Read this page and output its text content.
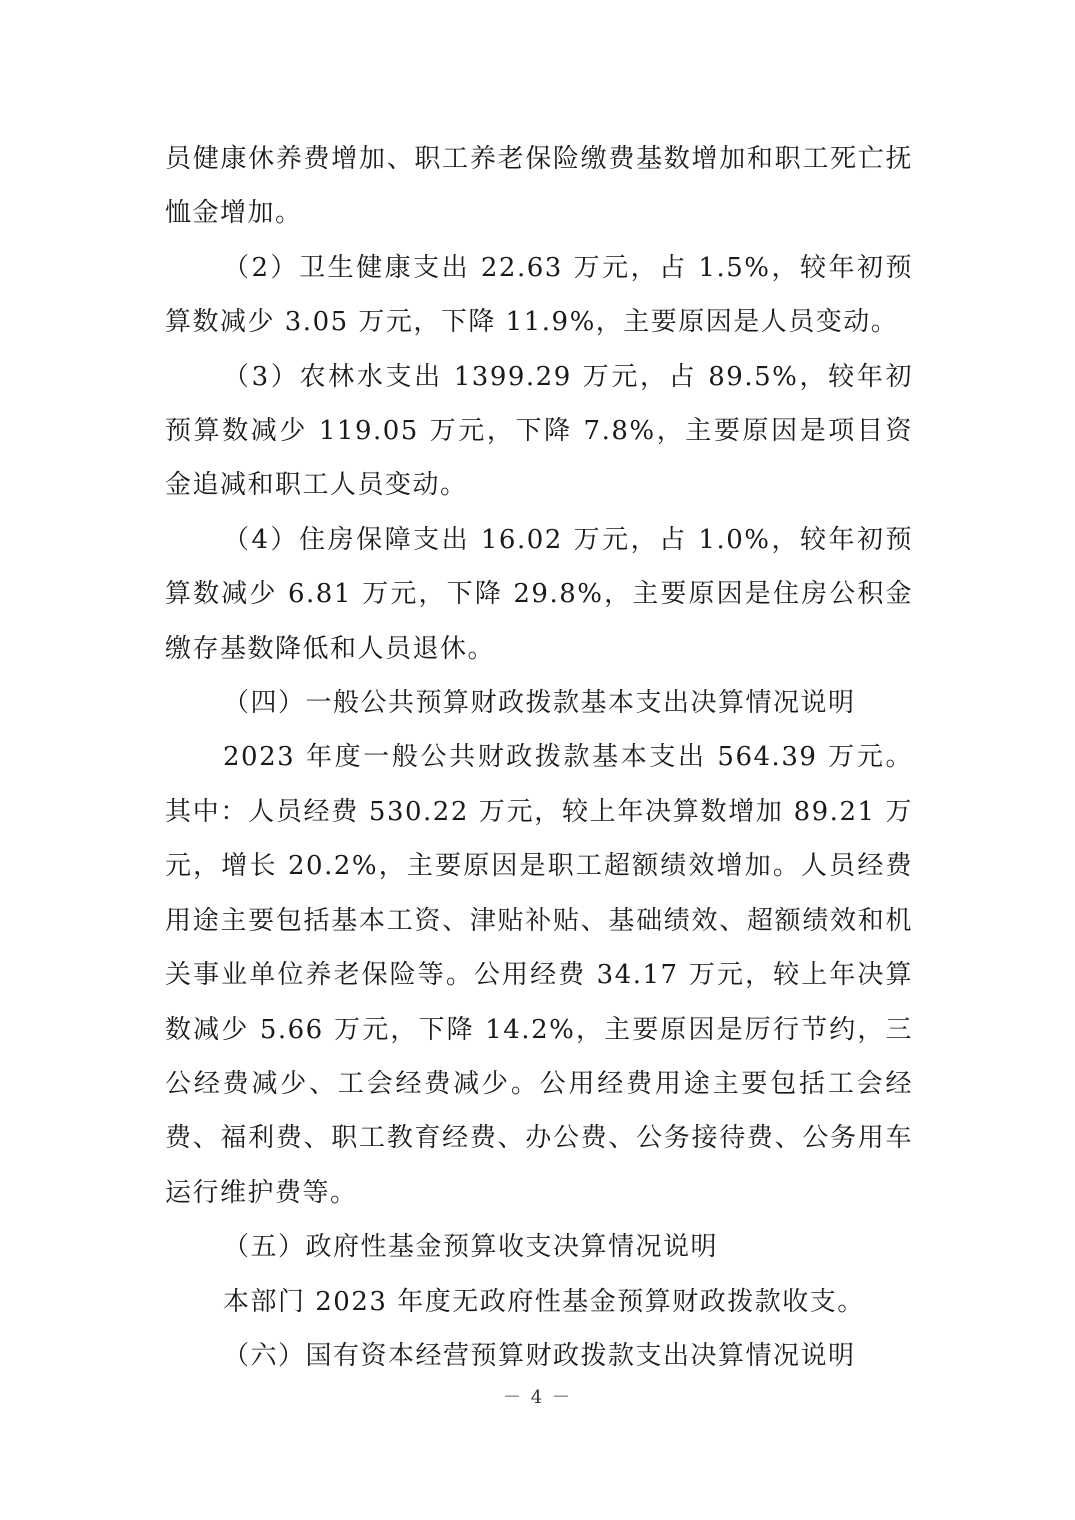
员健康休养费增加、职工养老保险缴费基数增加和职工死亡抚恤金增加。

（2）卫生健康支出 22.63 万元，占 1.5%，较年初预算数减少 3.05 万元，下降 11.9%，主要原因是人员变动。

（3）农林水支出 1399.29 万元，占 89.5%，较年初预算数减少 119.05 万元，下降 7.8%，主要原因是项目资金追减和职工人员变动。

（4）住房保障支出 16.02 万元，占 1.0%，较年初预算数减少 6.81 万元，下降 29.8%，主要原因是住房公积金缴存基数降低和人员退休。

（四）一般公共预算财政拨款基本支出决算情况说明

2023 年度一般公共财政拨款基本支出 564.39 万元。其中：人员经费 530.22 万元，较上年决算数增加 89.21 万元，增长 20.2%，主要原因是职工超额绩效增加。人员经费用途主要包括基本工资、津贴补贴、基础绩效、超额绩效和机关事业单位养老保险等。公用经费 34.17 万元，较上年决算数减少 5.66 万元，下降 14.2%，主要原因是厉行节约，三公经费减少、工会经费减少。公用经费用途主要包括工会经费、福利费、职工教育经费、办公费、公务接待费、公务用车运行维护费等。

（五）政府性基金预算收支决算情况说明

本部门 2023 年度无政府性基金预算财政拨款收支。

（六）国有资本经营预算财政拨款支出决算情况说明

－ 4 －
